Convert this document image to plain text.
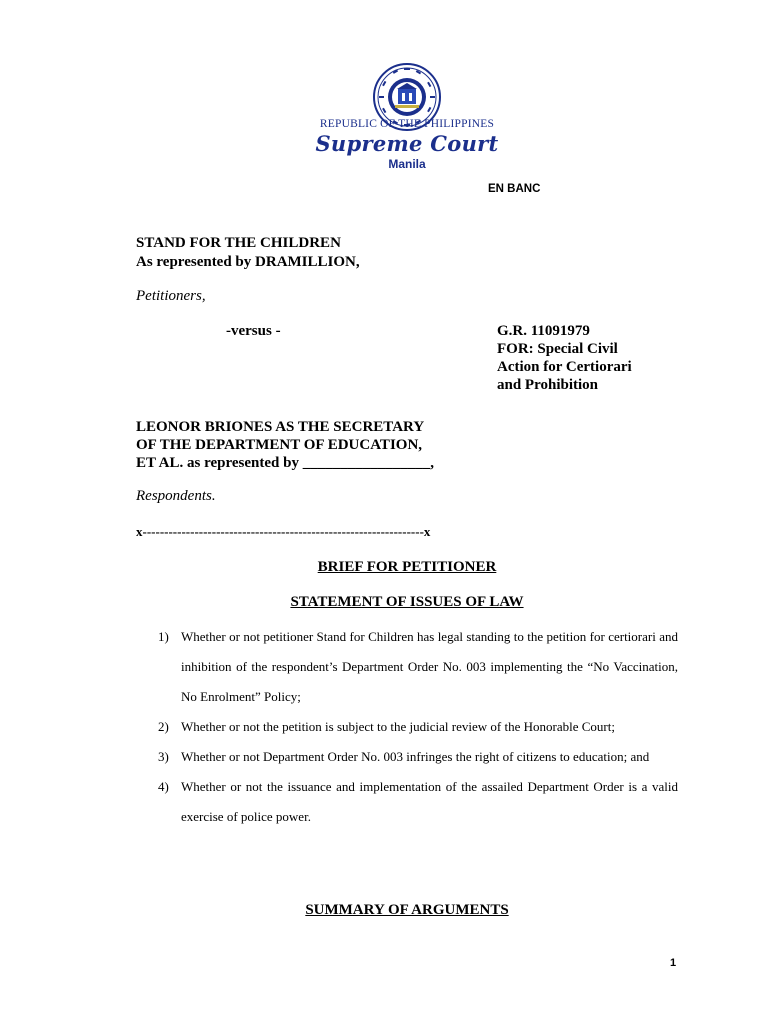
REPUBLIC OF THE PHILIPPINES
Supreme Court
Manila
EN BANC
STAND FOR THE CHILDREN
As represented by DRAMILLION,
Petitioners,
-versus -	G.R. 11091979
FOR: Special Civil
Action for Certiorari
and Prohibition
LEONOR BRIONES AS THE SECRETARY
OF THE DEPARTMENT OF EDUCATION,
ET AL. as represented by _________________,
Respondents.
x-----------------------------------------------------------------x
BRIEF FOR PETITIONER
STATEMENT OF ISSUES OF LAW

1) Whether or not petitioner Stand for Children has legal standing to the petition for certiorari and inhibition of the respondent’s Department Order No. 003 implementing the “No Vaccination, No Enrolment” Policy;

2) Whether or not the petition is subject to the judicial review of the Honorable Court;

3) Whether or not Department Order No. 003 infringes the right of citizens to education; and

4) Whether or not the issuance and implementation of the assailed Department Order is a valid exercise of police power.

SUMMARY OF ARGUMENTS
1
